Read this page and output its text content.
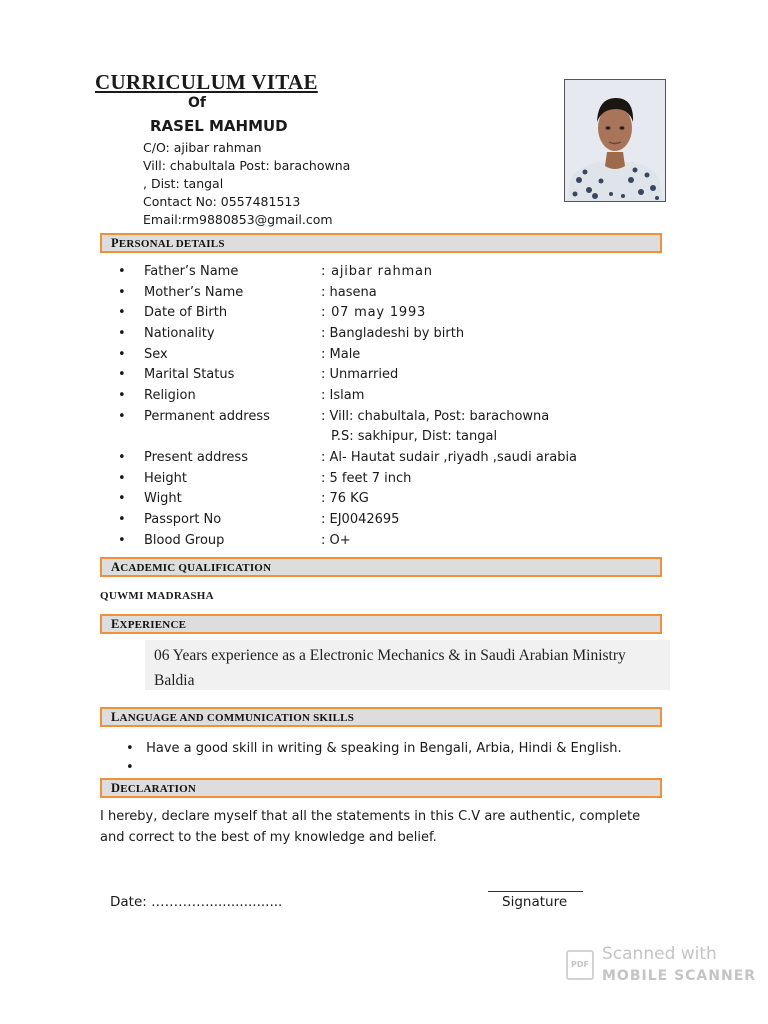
CURRICULUM VITAE
Of
RASEL MAHMUD
C/O: ajibar rahman
Vill: chabultala Post: barachowna
, Dist: tangal
Contact No: 0557481513
Email:rm9880853@gmail.com
PERSONAL DETAILS
• Father’s Name	: ajibar rahman
• Mother’s Name	: hasena
• Date of Birth	: 07 may 1993
• Nationality	: Bangladeshi by birth
• Sex	: Male
• Marital Status	: Unmarried
• Religion	: Islam
• Permanent address	: Vill: chabultala, Post: barachowna
P.S: sakhipur, Dist: tangal
• Present address	: Al- Hautat sudair ,riyadh ,saudi arabia
• Height	: 5 feet 7 inch
• Wight	: 76 KG
• Passport No	: EJ0042695
• Blood Group	: O+
ACADEMIC QUALIFICATION
QUWMI MADRASHA
EXPERIENCE
06 Years experience as a Electronic Mechanics & in Saudi Arabian Ministry Baldia
LANGUAGE AND COMMUNICATION SKILLS
• Have a good skill in writing & speaking in Bengali, Arbia, Hindi & English.
•
DECLARATION
I hereby, declare myself that all the statements in this C.V are authentic, complete and correct to the best of my knowledge and belief.
Date: …………..................	Signature
PDF
Scanned with
MOBILE SCANNER
